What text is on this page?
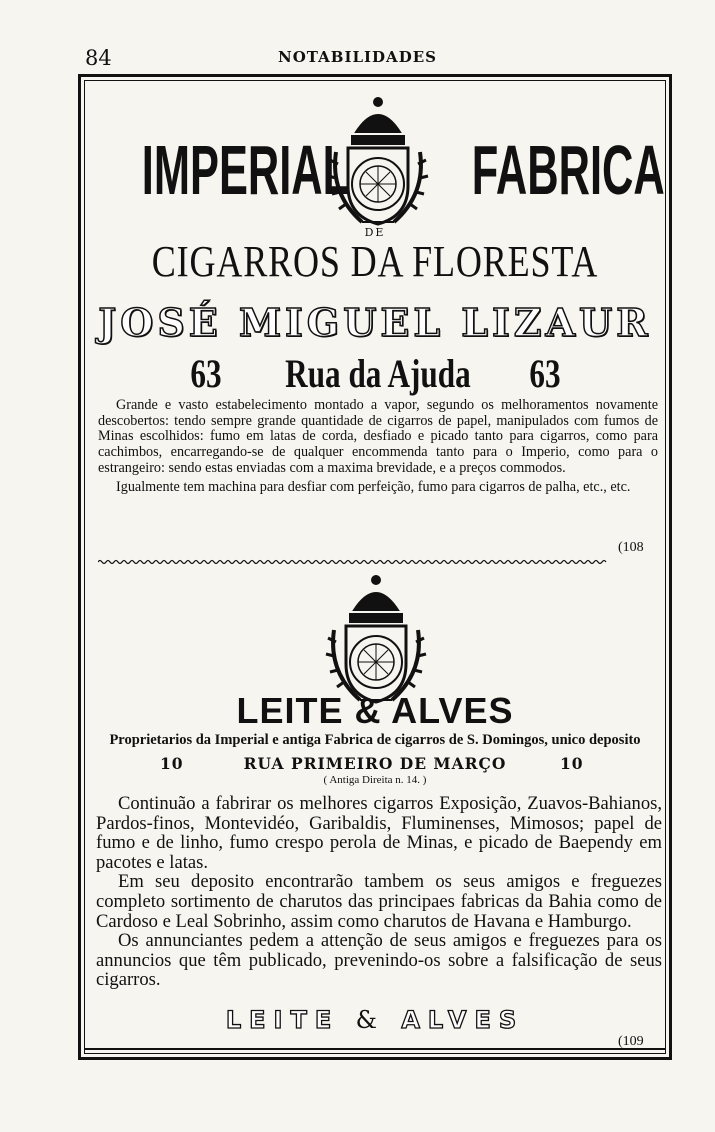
84	NOTABILIDADES
IMPERIAL FABRICA
DE
CIGARROS DA FLORESTA
JOSÉ MIGUEL LIZAUR
63	Rua da Ajuda	63

Grande e vasto estabelecimento montado a vapor, segundo os melhoramentos novamente descobertos: tendo sempre grande quantidade de cigarros de papel, manipulados com fumos de Minas escolhidos: fumo em latas de corda, desfiado e picado tanto para cigarros, como para cachimbos, encarregando-se de qualquer encommenda tanto para o Imperio, como para o estrangeiro: sendo estas enviadas com a maxima brevidade, e a preços commodos.

Igualmente tem machina para desfiar com perfeição, fumo para cigarros de palha, etc., etc.

(108
LEITE & ALVES
Proprietarios da Imperial e antiga Fabrica de cigarros de S. Domingos, unico deposito
10	RUA PRIMEIRO DE MARÇO	10
( Antiga Direita n. 14. )

Continuão a fabrirar os melhores cigarros Exposição, Zuavos-Bahianos, Pardos-finos, Montevidéo, Garibaldis, Fluminenses, Mimosos; papel de fumo e de linho, fumo crespo perola de Minas, e picado de Baependy em pacotes e latas.

Em seu deposito encontrarão tambem os seus amigos e freguezes completo sortimento de charutos das principaes fabricas da Bahia como de Cardoso e Leal Sobrinho, assim como charutos de Havana e Hamburgo.

Os annunciantes pedem a attenção de seus amigos e freguezes para os annuncios que têm publicado, prevenindo-os sobre a falsificação de seus cigarros.

LEITE & ALVES
(109
